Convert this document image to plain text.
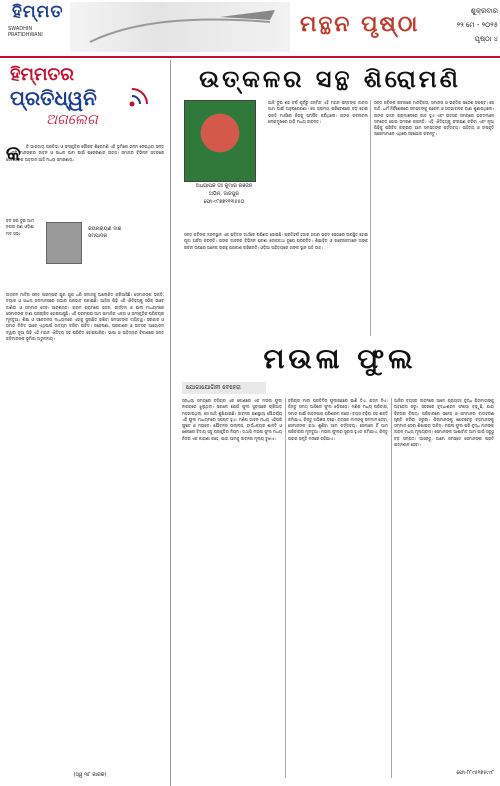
ହିମ୍ମତ
SWADHIN PRATIDHWANI	ମନ୍ଥନ ପୃଷ୍ଠା	ଶୁକ୍ରବାର
୨୨ ମେ - ୨୦୨୫
ପୃଷ୍ଠା ୪
ହିମ୍ମତର
ପ୍ରତିଧ୍ୱନି
ଅଗଲେଗ
କ	ବି ଭାରତୀୟ ପ୍ରତିଭା ଓ ସଂସ୍କୃତିର ଗୌରବ ଶିରୋମଣି ଏହି ଭୂମିରେ ଜନ୍ମ ନେଇଥିବା ସନ୍ତ ଓ କବି ମାନଙ୍କର ଜୀବନ ଓ ସାଧନା ଆମ ପାଇଁ ପ୍ରେରଣାର ଉତ୍ସ। ସମାଜର ବିଭିନ୍ନ ସ୍ତରରେ ସେମାନଙ୍କ ଅବଦାନ ଆଜି ମଧ୍ୟ ସ୍ମରଣୀୟ।
ବନ ସର ଦୁଇ ଆମ ନଗର ଗଣ ଓଡ଼ିଶା ମତ ସଭା
ଜୟନାରାୟଣ ଦାଶ
ସମ୍ପାଦକ
ଉତ୍କଳ ମାଟିର ସନ୍ତ ପରମ୍ପରା ଯୁଗ ଯୁଗ ଧରି ସମାଜକୁ ଆଲୋକିତ କରିଆସିଛି। ସେମାନଙ୍କ ଭକ୍ତି, ତ୍ୟାଗ ଓ ସାଧନା ଜନମାନସରେ ଗଭୀର ପ୍ରଭାବ ପକାଇଛି। ଆଜିର ପିଢ଼ି ଏହି ଐତିହ୍ୟକୁ ସଠିକ୍ ଭାବେ ଜାଣିବା ଓ ସମ୍ମାନ ଦେବା ଆବଶ୍ୟକ। ଗ୍ରାମ ଗ୍ରାମରେ ଭଜନ, କୀର୍ତ୍ତନ ଓ ପାଲା ମାଧ୍ୟମରେ ସେମାନଙ୍କ ବାଣୀ ପ୍ରଚାରିତ ହୋଇଆସୁଛି। ଏହି ପରମ୍ପରା ଆମ ସାମାଜିକ ଏକତା ଓ ସାଂସ୍କୃତିକ ପରିଚୟର ମୂଳଦୁଆ। ଶିକ୍ଷା ଓ ସଚେତନତା ମାଧ୍ୟମରେ ଏହାକୁ ସୁରକ୍ଷିତ ରଖିବା ସମସ୍ତଙ୍କ ଦାୟିତ୍ୱ। ସରକାର ଓ ସମାଜ ମିଳିତ ଭାବେ ଏଥିପାଇଁ ଉଦ୍ୟମ କରିବା ଉଚିତ। ଗବେଷଣା, ପ୍ରକାଶନ ଓ ଉତ୍ସବ ଆୟୋଜନ ଦ୍ୱାରା ନୂଆ ପିଢ଼ି ଏହି ମହାନ ଐତିହ୍ୟ ସହ ପରିଚିତ ହୋଇପାରିବ। ଭାଷା ଓ ସାହିତ୍ୟର ବିକାଶରେ ସନ୍ତ କବିମାନଙ୍କ ଭୂମିକା ଅତୁଳନୀୟ।
(ସ୍ୱ ୩୮ କାରକ)
ଉତ୍କଳର ସନ୍ଥ ଶିରୋମଣି
ଅଧ୍ୟାପକ ଡଃ କୁମାର ରଞ୍ଜନ
ଅଭିନ, ଜାଜପୁର
ଫୋ-୯୮୭୭୧୧୩୫୫୦
ଆଜି ଦୁଇ ଶହ ବର୍ଷ ପୂର୍ବରୁ ଜନ୍ମିତ ଏହି ମହାନ ସନ୍ତଙ୍କ ଜୀବନୀ ଆମ ପାଇଁ ଅନୁପ୍ରେରଣା। ସେ ଗ୍ରାମ୍ୟ ପରିବେଶରେ ବଡ଼ ହୋଇ ଭକ୍ତି ମାର୍ଗରେ ନିଜକୁ ସମର୍ପିତ କରିଥିଲେ। ତାଙ୍କ ରଚନାବଳୀ ଲୋକମୁଖରେ ଆଜି ମଧ୍ୟ ଜୀବନ୍ତ।
ସନ୍ତ କବିଙ୍କ ରଚନାରେ ମାନବିକତା, ସମାନତା ଓ ଭକ୍ତିର ସନ୍ଦେଶ ସ୍ପଷ୍ଟ। ସେ ଜାତି, ଧର୍ମ ନିର୍ବିଶେଷରେ ସମସ୍ତଙ୍କୁ ପ୍ରେମ ଓ ସଦ୍ଭାବନାର ବାଣୀ ଶୁଣାଇଥିଲେ। ତାଙ୍କ ଭଜନ ଗ୍ରାମାଞ୍ଚଳରେ ଗୀତ ହୁଏ ଏବଂ ଉତ୍ସବ ସମୟରେ ଭକ୍ତମାନେ ସମବେତ ହୋଇ ସ୍ମରଣ କରନ୍ତି। ଏହି ଐତିହ୍ୟକୁ ସଂରକ୍ଷଣ କରିବା ଏବଂ ନୂଆ ପିଢ଼ିକୁ ପରିଚିତ କରାଇବା ଆମ ସମସ୍ତଙ୍କ କର୍ତ୍ତବ୍ୟ। ସାହିତ୍ୟ ଓ ସଂସ୍କୃତି ପ୍ରେମୀମାନେ ଏଥିରେ ସହଯୋଗ କରନ୍ତୁ।
ସନ୍ତ କବିଙ୍କ ଜନ୍ମସ୍ଥାନ ଏକ ପବିତ୍ର ତୀର୍ଥରେ ପରିଣତ ହୋଇଛି। ପ୍ରତିବର୍ଷ ହଜାର ହଜାର ଭକ୍ତ ସେଠାରେ ଉପସ୍ଥିତ ହୋଇ ପୂଜା ଅର୍ଚ୍ଚନା କରନ୍ତି। ତାଙ୍କ ଜୀବନର ବିଭିନ୍ନ ଘଟଣା ଲୋକକଥା ରୂପେ ପ୍ରଚଳିତ। ଶିକ୍ଷାବିତ୍ ଓ ଗବେଷକମାନେ ତାଙ୍କ ରଚନା ଉପରେ ଅନେକ ଗ୍ରନ୍ଥ ପ୍ରକାଶ କରିଛନ୍ତି। ଓଡ଼ିଆ ସାହିତ୍ୟରେ ତାଙ୍କ ସ୍ଥାନ ଅତି ଉଚ୍ଚ।
ମଉଳା ଫୁଲ
ଯୋଗାଯୋଗିନୀ ବେହେରା
ସନ୍ଧ୍ୟା ସମୟରେ ବଗିଚାର ଏକ କୋଣରେ ଏକ ମଉଳା ଫୁଲ ନୀରବରେ ଝୁଲୁଥିଲା। ସକାଳେ ଯେଉଁ ଫୁଲ ସୁବାସରେ ଚାରିଆଡ଼ ମହକାଇଥିଲା, ସେ ଆଜି ଶୁଖିଯାଇଛି। ଜୀବନର କ୍ଷଣସ୍ଥାୟୀ ସୌନ୍ଦର୍ଯ୍ୟ ଏହି ଫୁଲ ମାଧ୍ୟମରେ ସ୍ପଷ୍ଟ ହୁଏ। ମଣିଷ ଜୀବନ ମଧ୍ୟ ଏହିପରି ଫୁଟେ ଓ ମଉଳେ। ଯୌବନର ଉଲ୍ଲାସ, ବାର୍ଦ୍ଧକ୍ୟର ଶାନ୍ତି ଓ ଶେଷରେ ବିଦାୟ ସବୁ ପ୍ରକୃତିର ନିୟମ। ତଥାପି ମଉଳା ଫୁଲ ମଧ୍ୟ ନିଜର ଏକ କାହାଣୀ କହେ, ଯାହା ଆମକୁ ଜୀବନର ମୂଲ୍ୟ ବୁଝାଏ।
ବଗିଚାର ମାଳୀ ପ୍ରତିଦିନ ଫୁଲଗଛରେ ପାଣି ଦିଏ, ଯତ୍ନ ନିଏ। କିନ୍ତୁ ସମୟ ଆସିଲେ ଫୁଲ ଝଡ଼ିପଡ଼େ। ମଣିଷ ମଧ୍ୟ ପରିବାର, ସମାଜ ପାଇଁ ଜୀବନସାରା ପରିଶ୍ରମ କରେ। ବୟସ ବଢ଼ିବା ସହ ଶକ୍ତି କମିଯାଏ, କିନ୍ତୁ ଅଭିଜ୍ଞତା ବଢ଼େ। ବୟସ୍କ ମାନଙ୍କୁ ସମ୍ମାନ ଦେବା, ସେମାନଙ୍କ କଥା ଶୁଣିବା ଆମ କର୍ତ୍ତବ୍ୟ। ସେମାନେ ହିଁ ଆମ ପରିବାରର ମୂଳଦୁଆ। ମଉଳା ଫୁଲର ସୁବାସ ହୁଏତ କମିଯାଏ, କିନ୍ତୁ ତାହାର ସ୍ମୃତି ମନରେ ରହିଯାଏ।
ଆଜିର ବ୍ୟସ୍ତ ଜୀବନରେ ଆମେ ପ୍ରାୟତଃ ବୃଦ୍ଧ ପିତାମାତାଙ୍କୁ ଅବହେଳା କରୁ। ସହରରେ ବୃଦ୍ଧାଶ୍ରମ ସଂଖ୍ୟା ବଢ଼ୁଛି, ଯାହା ଚିନ୍ତାର ବିଷୟ। ପରିବାରରେ ସ୍ନେହ ଓ ସମ୍ମାନର ବାତାବରଣ ସୃଷ୍ଟି କରିବା ଜରୁରୀ। ପିଲାମାନଙ୍କୁ ଛୋଟବେଳୁ ବଡ଼ମାନଙ୍କୁ ସମ୍ମାନ ଦେବା ଶିଖାଇବା ଉଚିତ। ମଉଳା ଫୁଲ ପରି ବୃଦ୍ଧ ମାନଙ୍କ ଜୀବନ ମଧ୍ୟ ମୂଲ୍ୟବାନ। ସେମାନଙ୍କ ଆଶୀର୍ବାଦ ଆମ ପାଇଁ ସବୁଠୁ ବଡ଼ ସମ୍ପଦ। ଆସନ୍ତୁ, ଆମେ ସମସ୍ତେ ସେମାନଙ୍କ ପ୍ରତି ଯତ୍ନଶୀଳ ହେବା।
ଫୋ-୮୮୯୫୧୭୫୯୯୮
